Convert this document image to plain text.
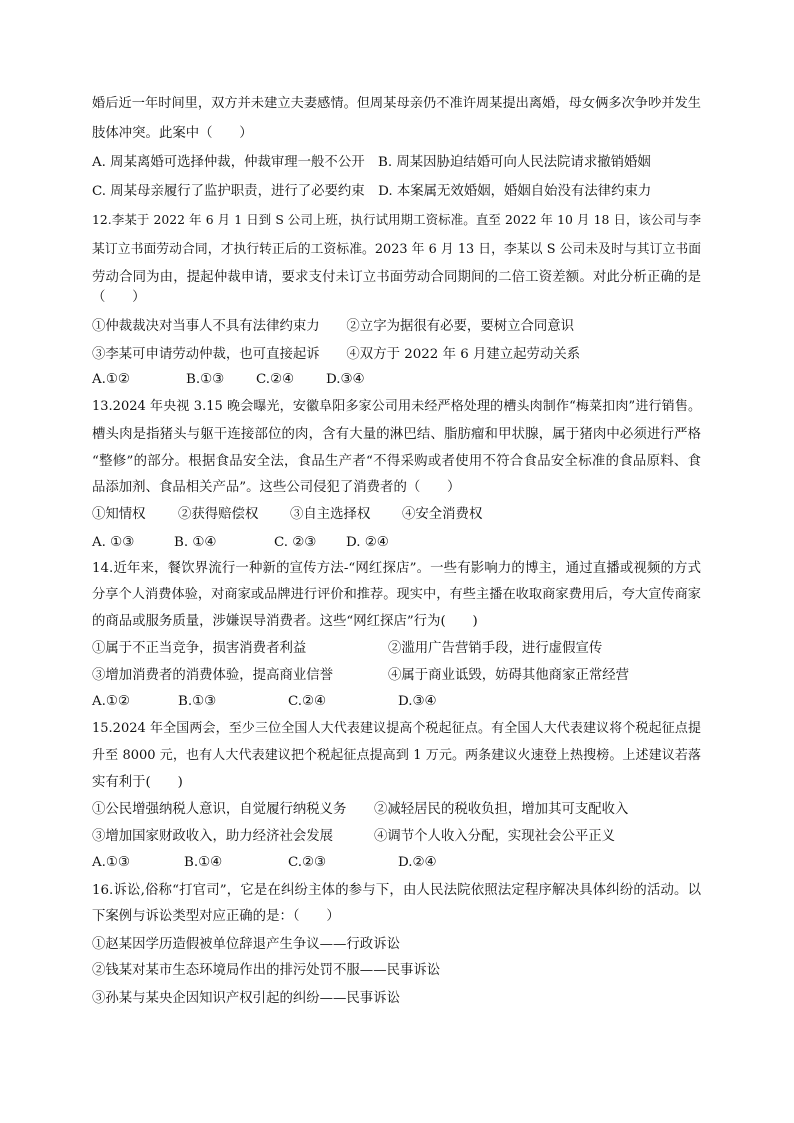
婚后近一年时间里，双方并未建立夫妻感情。但周某母亲仍不准许周某提出离婚，母女俩多次争吵并发生
肢体冲突。此案中（　　）
A. 周某离婚可选择仲裁，仲裁审理一般不公开　B. 周某因胁迫结婚可向人民法院请求撤销婚姻
C. 周某母亲履行了监护职责，进行了必要约束　D. 本案属无效婚姻，婚姻自始没有法律约束力
12.李某于 2022 年 6 月 1 日到 S 公司上班，执行试用期工资标准。直至 2022 年 10 月 18 日，该公司与李
某订立书面劳动合同，才执行转正后的工资标准。2023 年 6 月 13 日，李某以 S 公司未及时与其订立书面
劳动合同为由，提起仲裁申请，要求支付未订立书面劳动合同期间的二倍工资差额。对此分析正确的是
（　　）
①仲裁裁决对当事人不具有法律约束力　　②立字为据很有必要，要树立合同意识
③李某可申请劳动仲裁，也可直接起诉　　④双方于 2022 年 6 月建立起劳动关系
A.①②	B.①③ C.②④ D.③④
13.2024 年央视 3.15 晚会曝光，安徽阜阳多家公司用未经严格处理的槽头肉制作“梅菜扣肉”进行销售。
槽头肉是指猪头与躯干连接部位的肉，含有大量的淋巴结、脂肪瘤和甲状腺，属于猪肉中必须进行严格
“整修”的部分。根据食品安全法，食品生产者“不得采购或者使用不符合食品安全标准的食品原料、食
品添加剂、食品相关产品”。这些公司侵犯了消费者的（　　）
①知情权 ②获得赔偿权 ③自主选择权 ④安全消费权
A. ①③	B. ①④	C. ②③ D. ②④
14.近年来，餐饮界流行一种新的宣传方法-“网红探店”。一些有影响力的博主，通过直播或视频的方式
分享个人消费体验，对商家或品牌进行评价和推荐。现实中，有些主播在收取商家费用后，夸大宣传商家
的商品或服务质量，涉嫌误导消费者。这些“网红探店”行为(　　)
①属于不正当竞争，损害消费者利益	②滥用广告营销手段，进行虚假宣传
③增加消费者的消费体验，提高商业信誉	④属于商业诋毁，妨碍其他商家正常经营
A.①②	B.①③	C.②④	D.③④
15.2024 年全国两会，至少三位全国人大代表建议提高个税起征点。有全国人大代表建议将个税起征点提
升至 8000 元，也有人大代表建议把个税起征点提高到 1 万元。两条建议火速登上热搜榜。上述建议若落
实有利于(　　)
①公民增强纳税人意识，自觉履行纳税义务 ②减轻居民的税收负担，增加其可支配收入
③增加国家财政收入，助力经济社会发展	④调节个人收入分配，实现社会公平正义
A.①③	B.①④	C.②③	D.②④
16.诉讼,俗称“打官司”，它是在纠纷主体的参与下，由人民法院依照法定程序解决具体纠纷的活动。以
下案例与诉讼类型对应正确的是：（　　）
①赵某因学历造假被单位辞退产生争议——行政诉讼
②钱某对某市生态环境局作出的排污处罚不服——民事诉讼
③孙某与某央企因知识产权引起的纠纷——民事诉讼
